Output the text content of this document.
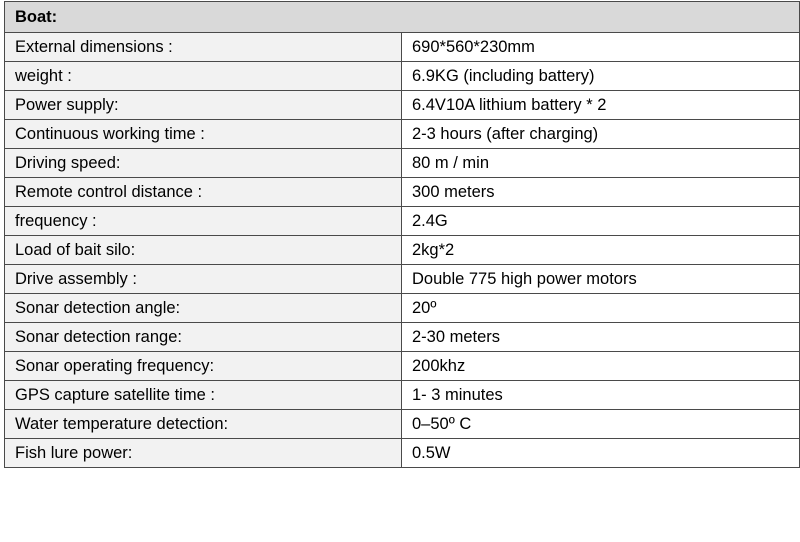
Boat:	
External dimensions :	690*560*230mm
weight :	6.9KG (including battery)
Power supply:	6.4V10A lithium battery * 2
Continuous working time :	2-3 hours (after charging)
Driving speed:	80 m / min
Remote control distance :	300 meters
frequency :	2.4G
Load of bait silo:	2kg*2
Drive assembly :	Double 775 high power motors
Sonar detection angle:	20º
Sonar detection range:	2-30 meters
Sonar operating frequency:	200khz
GPS capture satellite time :	1- 3 minutes
Water temperature detection:	0–50º C
Fish lure power:	0.5W
